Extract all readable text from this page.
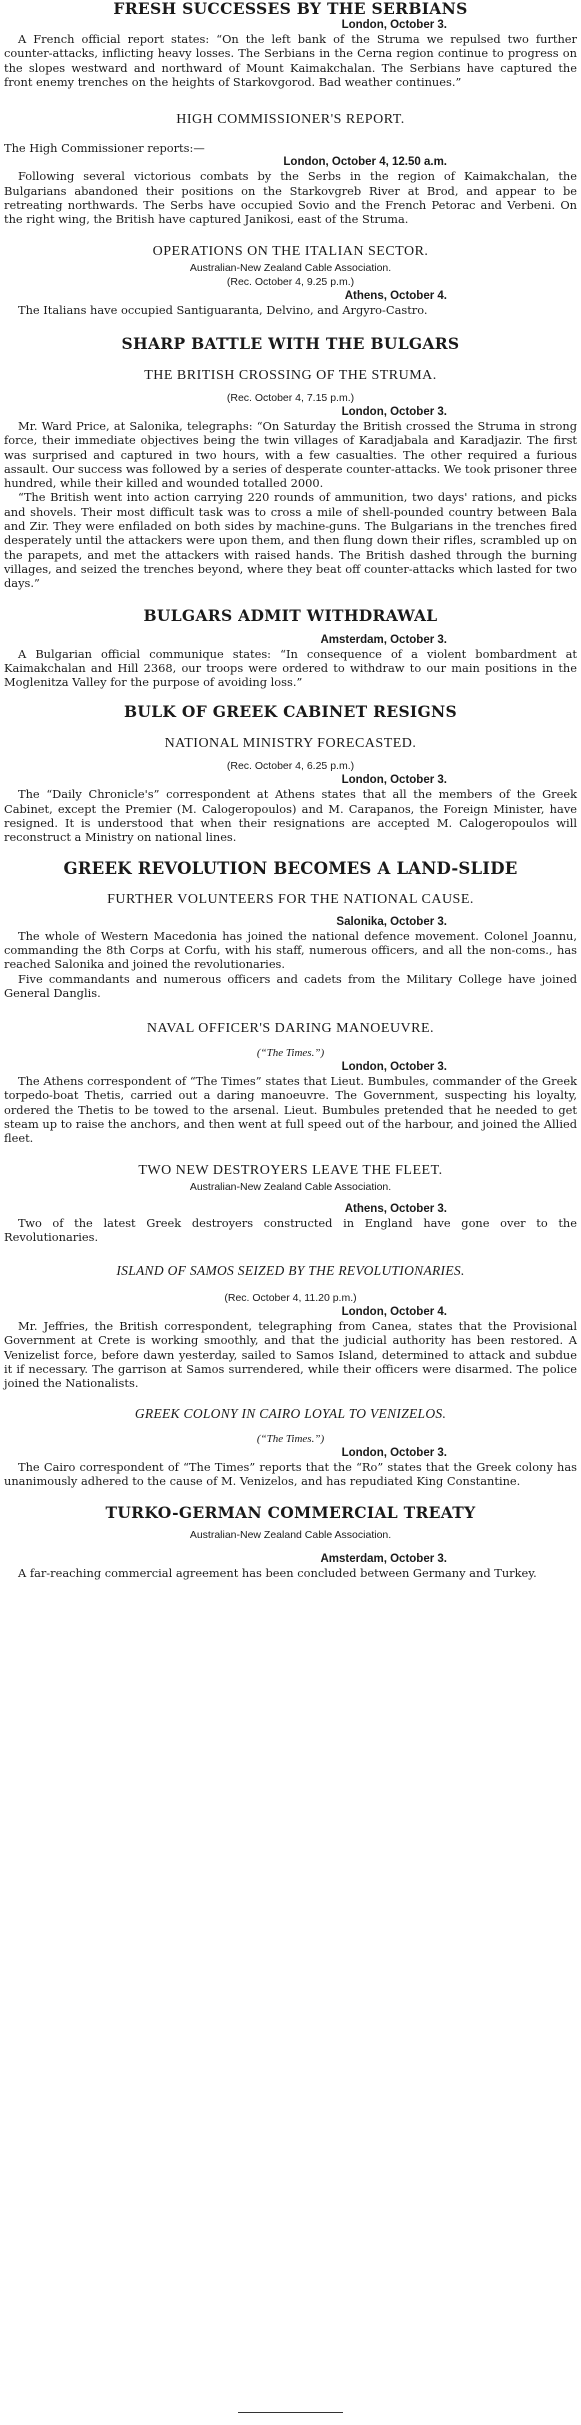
FRESH SUCCESSES BY THE SERBIANS
London, October 3.

A French official report states: “On the left bank of the Struma we repulsed two further counter-attacks, inflicting heavy losses. The Serbians in the Cerna region continue to progress on the slopes westward and northward of Mount Kaimakchalan. The Serbians have captured the front enemy trenches on the heights of Starkovgorod. Bad weather continues.”

HIGH COMMISSIONER'S REPORT.

The High Commissioner reports:—

London, October 4, 12.50 a.m.

Following several victorious combats by the Serbs in the region of Kaimakchalan, the Bulgarians abandoned their positions on the Starkovgreb River at Brod, and appear to be retreating northwards. The Serbs have occupied Sovio and the French Petorac and Verbeni. On the right wing, the British have captured Janikosi, east of the Struma.

OPERATIONS ON THE ITALIAN SECTOR.
Australian-New Zealand Cable Association.
(Rec. October 4, 9.25 p.m.)
Athens, October 4.

The Italians have occupied Santiguaranta, Delvino, and Argyro-Castro.

SHARP BATTLE WITH THE BULGARS
THE BRITISH CROSSING OF THE STRUMA.
(Rec. October 4, 7.15 p.m.)
London, October 3.

Mr. Ward Price, at Salonika, telegraphs: “On Saturday the British crossed the Struma in strong force, their immediate objectives being the twin villages of Karadjabala and Karadjazir. The first was surprised and captured in two hours, with a few casualties. The other required a furious assault. Our success was followed by a series of desperate counter-attacks. We took prisoner three hundred, while their killed and wounded totalled 2000.

“The British went into action carrying 220 rounds of ammunition, two days' rations, and picks and shovels. Their most difficult task was to cross a mile of shell-pounded country between Bala and Zir. They were enfiladed on both sides by machine-guns. The Bulgarians in the trenches fired desperately until the attackers were upon them, and then flung down their rifles, scrambled up on the parapets, and met the attackers with raised hands. The British dashed through the burning villages, and seized the trenches beyond, where they beat off counter-attacks which lasted for two days.”

BULGARS ADMIT WITHDRAWAL
Amsterdam, October 3.

A Bulgarian official communique states: “In consequence of a violent bombardment at Kaimakchalan and Hill 2368, our troops were ordered to withdraw to our main positions in the Moglenitza Valley for the purpose of avoiding loss.”

BULK OF GREEK CABINET RESIGNS
NATIONAL MINISTRY FORECASTED.
(Rec. October 4, 6.25 p.m.)
London, October 3.

The “Daily Chronicle's” correspondent at Athens states that all the members of the Greek Cabinet, except the Premier (M. Calogeropoulos) and M. Carapanos, the Foreign Minister, have resigned. It is understood that when their resignations are accepted M. Calogeropoulos will reconstruct a Ministry on national lines.

GREEK REVOLUTION BECOMES A LAND-SLIDE
FURTHER VOLUNTEERS FOR THE NATIONAL CAUSE.
Salonika, October 3.

The whole of Western Macedonia has joined the national defence movement. Colonel Joannu, commanding the 8th Corps at Corfu, with his staff, numerous officers, and all the non-coms., has reached Salonika and joined the revolutionaries.

Five commandants and numerous officers and cadets from the Military College have joined General Danglis.

NAVAL OFFICER'S DARING MANOEUVRE.
(“The Times.”)
London, October 3.

The Athens correspondent of “The Times” states that Lieut. Bumbules, commander of the Greek torpedo-boat Thetis, carried out a daring manoeuvre. The Government, suspecting his loyalty, ordered the Thetis to be towed to the arsenal. Lieut. Bumbules pretended that he needed to get steam up to raise the anchors, and then went at full speed out of the harbour, and joined the Allied fleet.

TWO NEW DESTROYERS LEAVE THE FLEET.
Australian-New Zealand Cable Association.
Athens, October 3.

Two of the latest Greek destroyers constructed in England have gone over to the Revolutionaries.

ISLAND OF SAMOS SEIZED BY THE REVOLUTIONARIES.
(Rec. October 4, 11.20 p.m.)
London, October 4.

Mr. Jeffries, the British correspondent, telegraphing from Canea, states that the Provisional Government at Crete is working smoothly, and that the judicial authority has been restored. A Venizelist force, before dawn yesterday, sailed to Samos Island, determined to attack and subdue it if necessary. The garrison at Samos surrendered, while their officers were disarmed. The police joined the Nationalists.

GREEK COLONY IN CAIRO LOYAL TO VENIZELOS.
(“The Times.”)
London, October 3.

The Cairo correspondent of “The Times” reports that the “Ro” states that the Greek colony has unanimously adhered to the cause of M. Venizelos, and has repudiated King Constantine.

TURKO-GERMAN COMMERCIAL TREATY
Australian-New Zealand Cable Association.
Amsterdam, October 3.

A far-reaching commercial agreement has been concluded between Germany and Turkey.
